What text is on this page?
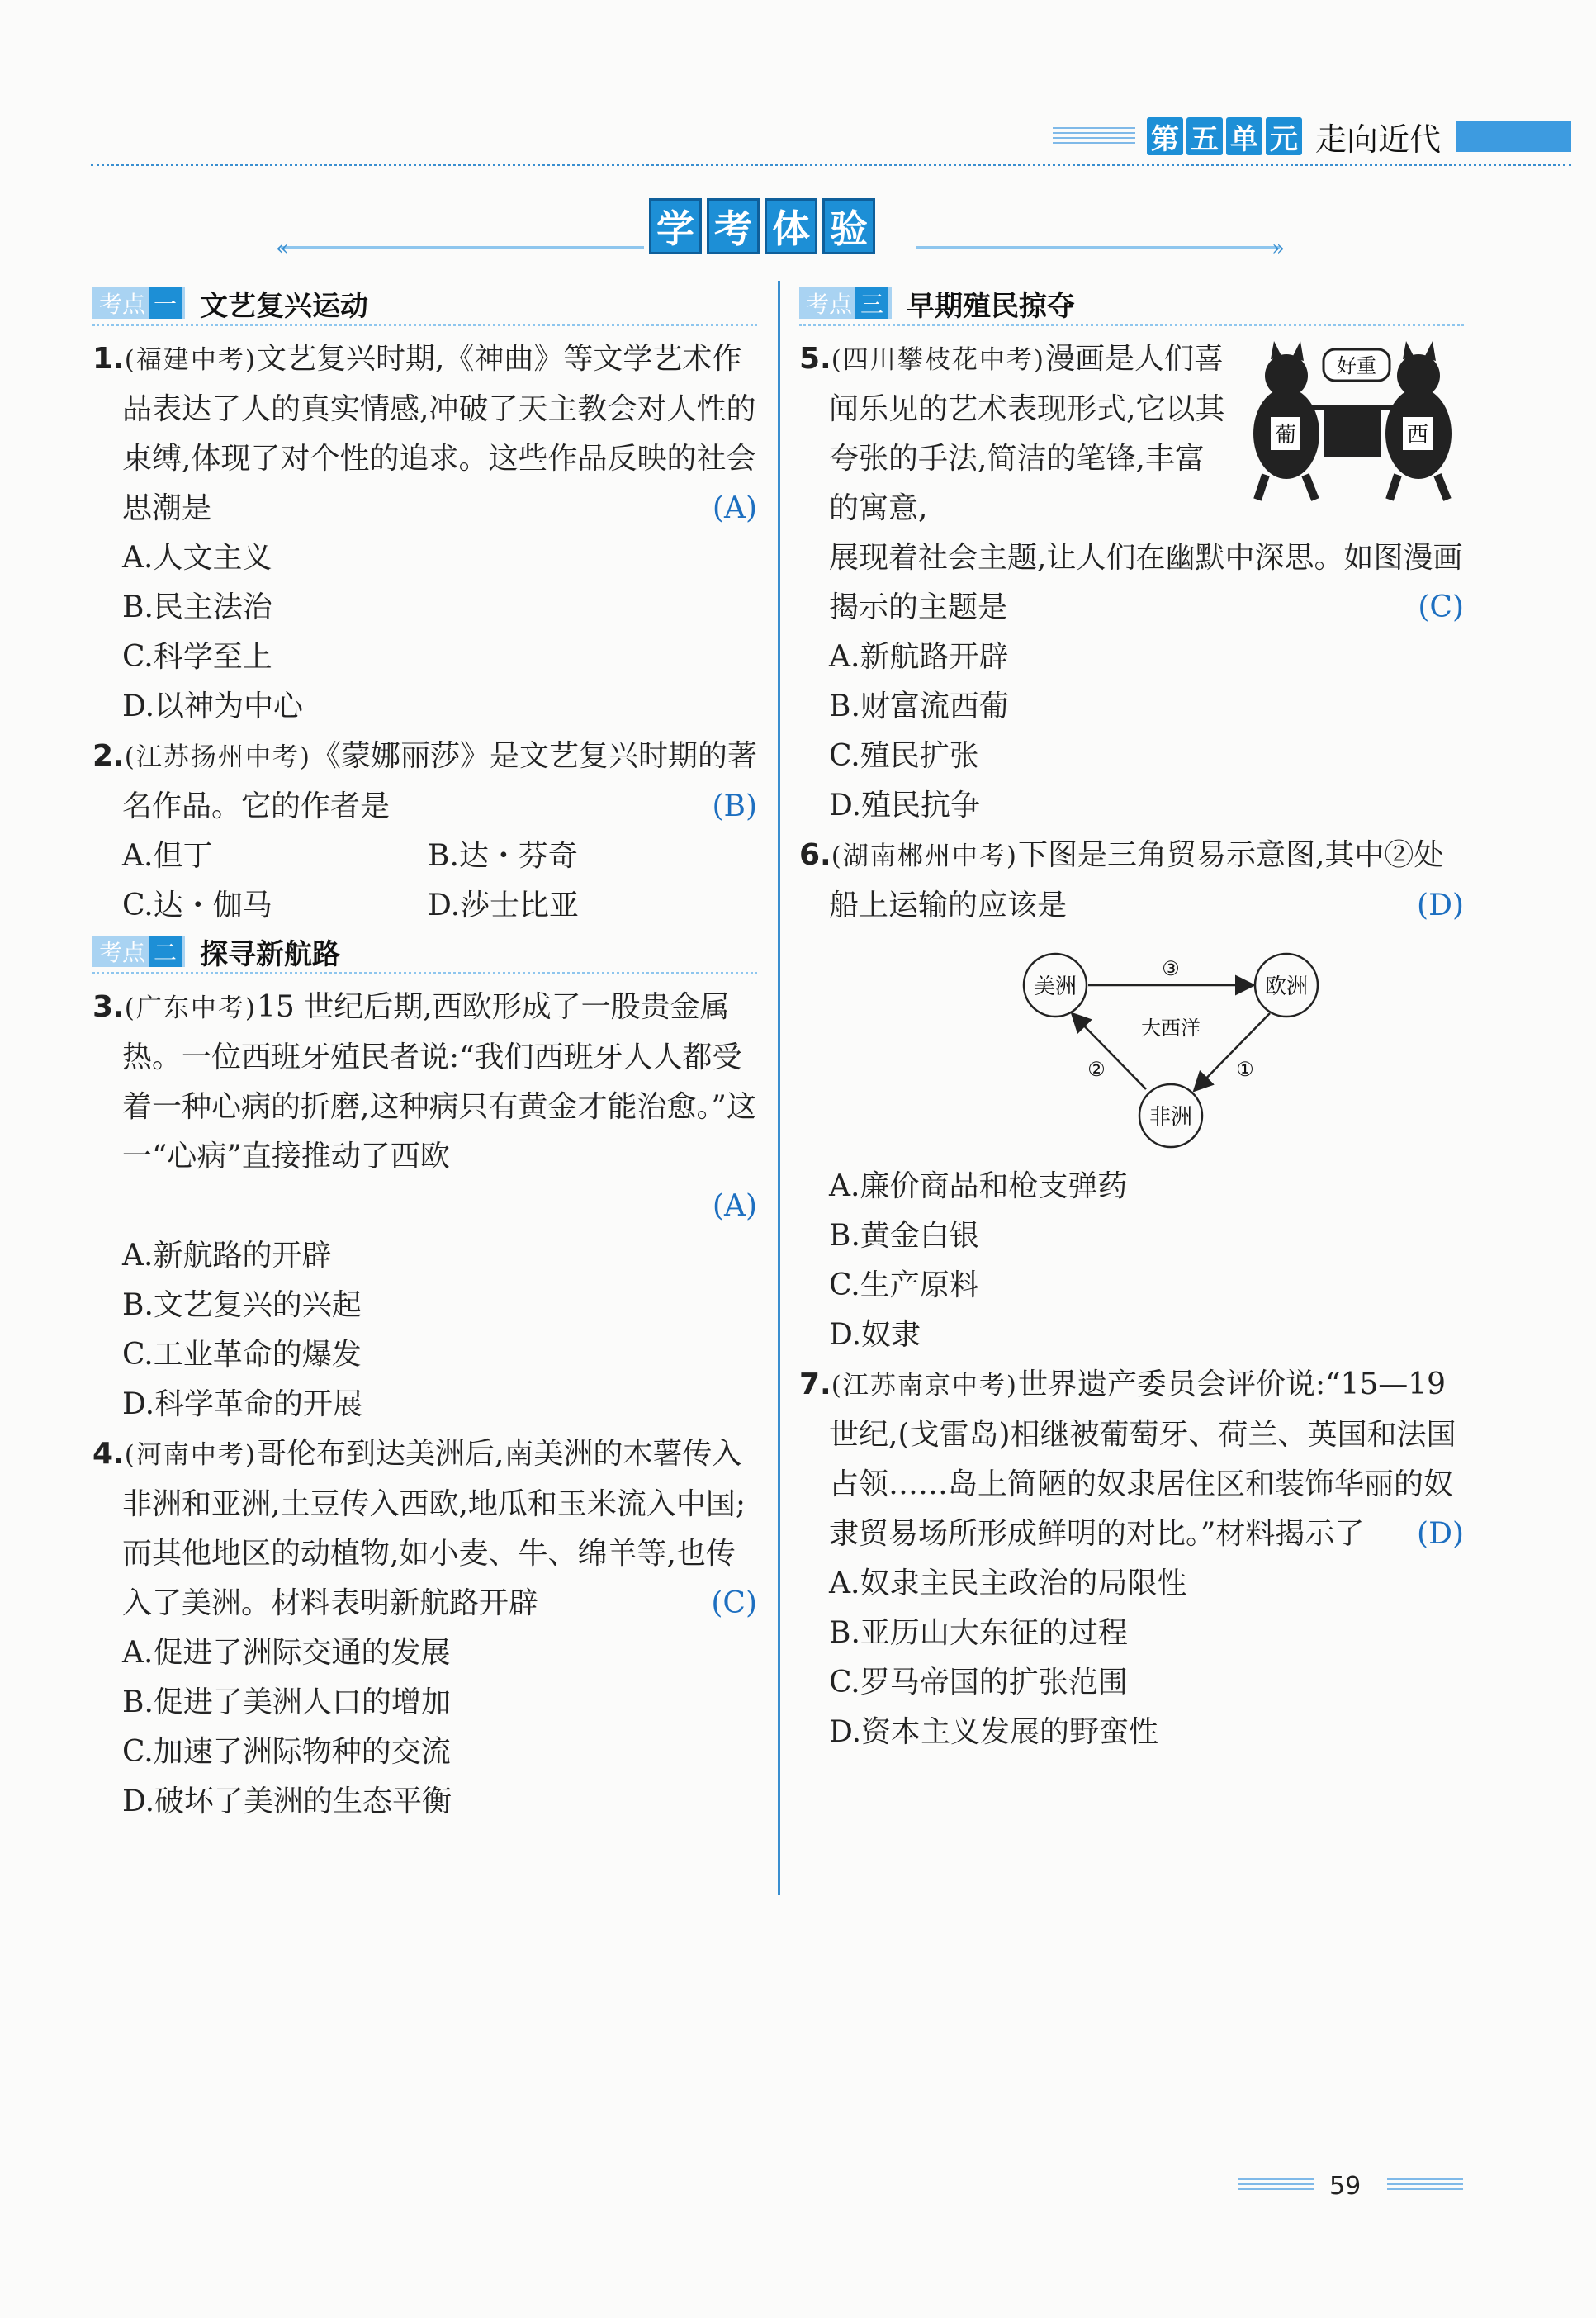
第 五 单 元 走向近代
«	»
学 考 体 验
考点 一 文艺复兴运动

1.(福建中考)文艺复兴时期,《神曲》等文学艺术作品表达了人的真实情感,冲破了天主教会对人性的束缚,体现了对个性的追求。这些作品反映的社会思潮是	(A)

A.人文主义
B.民主法治
C.科学至上
D.以神为中心

2.(江苏扬州中考)《蒙娜丽莎》是文艺复兴时期的著名作品。它的作者是	(B)

A.但丁	B.达・芬奇
C.达・伽马	D.莎士比亚
考点 二 探寻新航路

3.(广东中考)15 世纪后期,西欧形成了一股贵金属热。一位西班牙殖民者说:“我们西班牙人人都受着一种心病的折磨,这种病只有黄金才能治愈。”这一“心病”直接推动了西欧

(A)
A.新航路的开辟
B.文艺复兴的兴起
C.工业革命的爆发
D.科学革命的开展

4.(河南中考)哥伦布到达美洲后,南美洲的木薯传入非洲和亚洲,土豆传入西欧,地瓜和玉米流入中国;而其他地区的动植物,如小麦、牛、绵羊等,也传入了美洲。材料表明新航路开辟	(C)

A.促进了洲际交通的发展
B.促进了美洲人口的增加
C.加速了洲际物种的交流
D.破坏了美洲的生态平衡
考点 三 早期殖民掠夺
葡	西
好重

5.(四川攀枝花中考)漫画是人们喜闻乐见的艺术表现形式,它以其夸张的手法,简洁的笔锋,丰富的寓意,

展现着社会主题,让人们在幽默中深思。如图漫画揭示的主题是	(C)

A.新航路开辟
B.财富流西葡
C.殖民扩张
D.殖民抗争

6.(湖南郴州中考)下图是三角贸易示意图,其中②处船上运输的应该是	(D)

美洲	欧洲
非洲
大西洋
③
①
②
A.廉价商品和枪支弹药
B.黄金白银
C.生产原料
D.奴隶

7.(江苏南京中考)世界遗产委员会评价说:“15—19 世纪,(戈雷岛)相继被葡萄牙、荷兰、英国和法国占领……岛上简陋的奴隶居住区和装饰华丽的奴隶贸易场所形成鲜明的对比。”材料揭示了 (D)

A.奴隶主民主政治的局限性
B.亚历山大东征的过程
C.罗马帝国的扩张范围
D.资本主义发展的野蛮性
59
